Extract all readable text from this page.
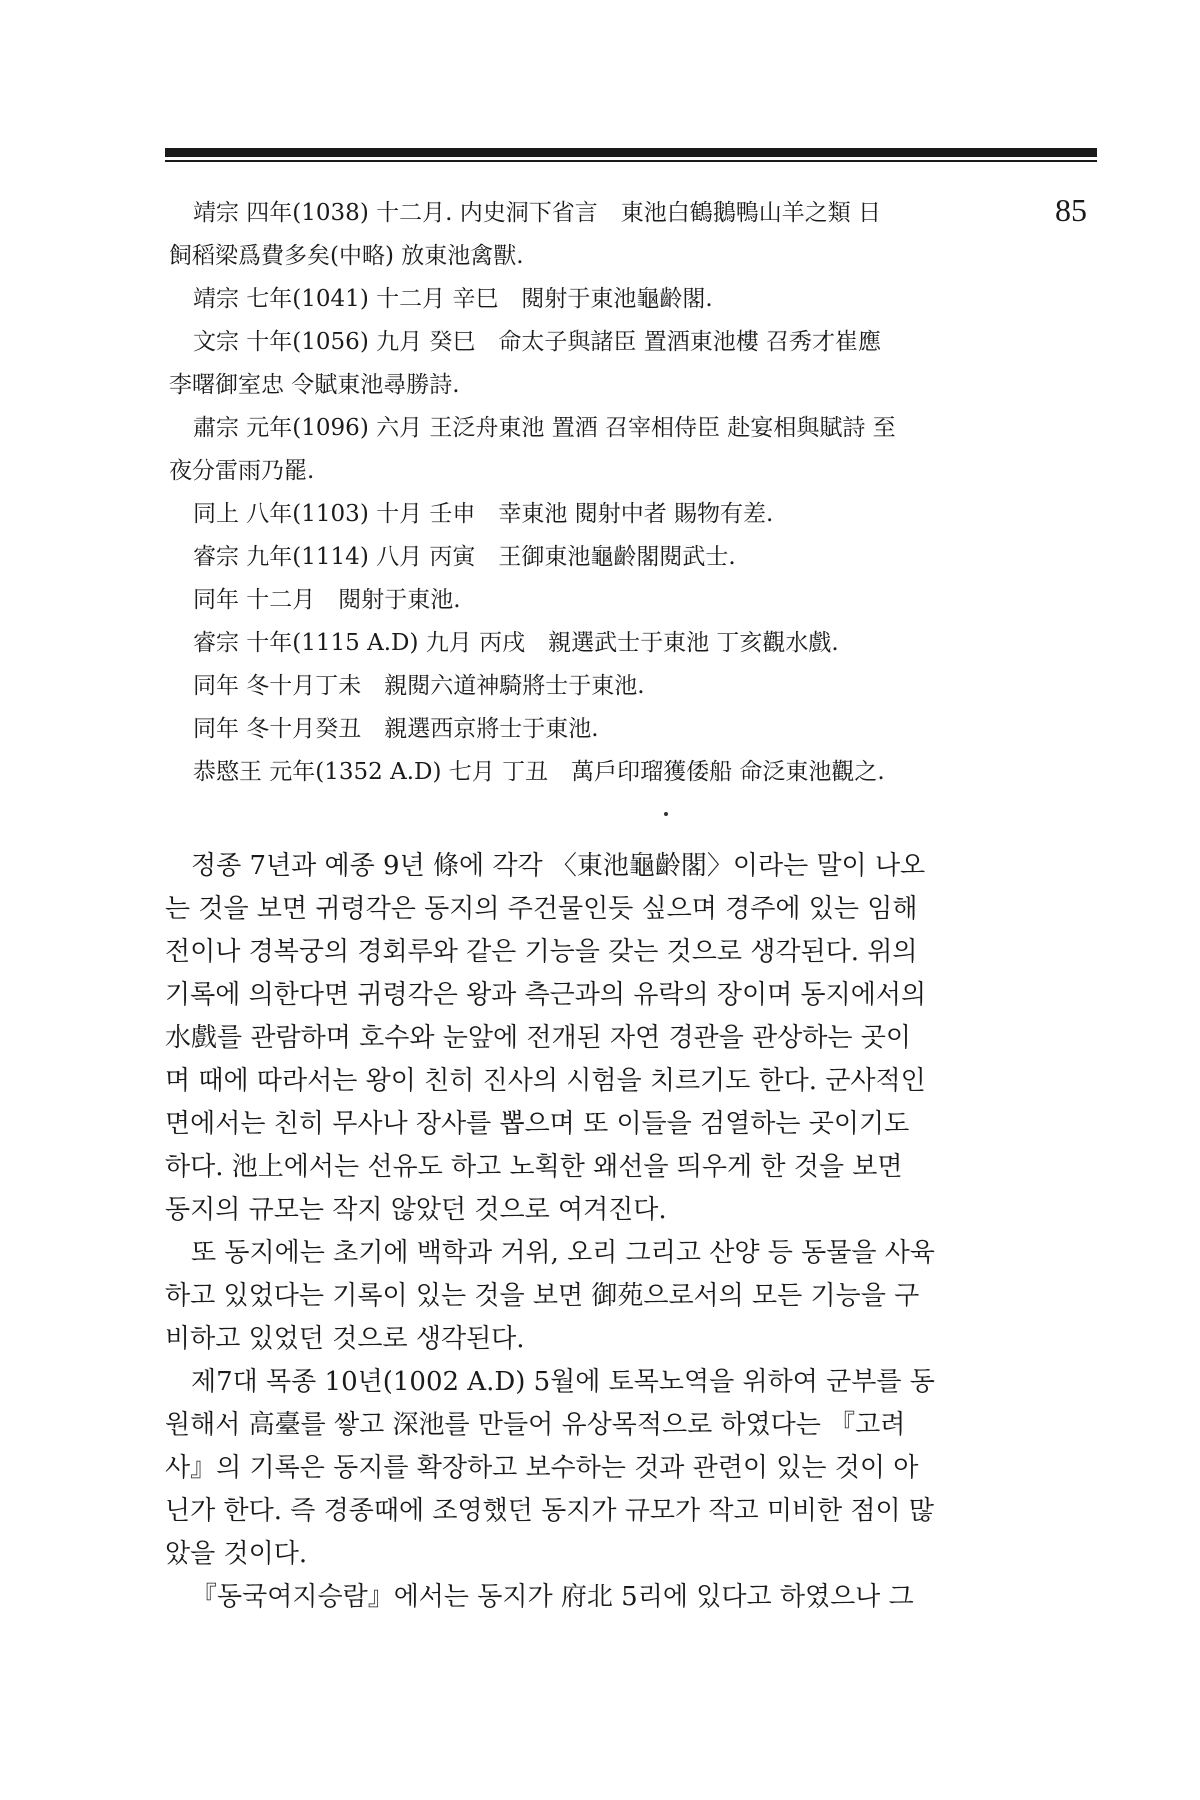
85
靖宗 四年(1038) 十二月. 内史洞下省言　東池白鶴鵝鴨山羊之類 日
飼稻梁爲費多矣(中略) 放東池禽獸.
靖宗 七年(1041) 十二月 辛巳　閱射于東池龜齡閣.
文宗 十年(1056) 九月 癸巳　命太子與諸臣 置酒東池樓 召秀才崔應
李曙御室忠 令賦東池尋勝詩.
肅宗 元年(1096) 六月 王泛舟東池 置酒 召宰相侍臣 赴宴相與賦詩 至
夜分雷雨乃罷.
同上 八年(1103) 十月 壬申　幸東池 閱射中者 賜物有差.
睿宗 九年(1114) 八月 丙寅　王御東池龜齡閣閱武士.
同年 十二月　閱射于東池.
睿宗 十年(1115 A.D) 九月 丙戌　親選武士于東池 丁亥觀水戲.
同年 冬十月丁未　親閱六道神騎將士于東池.
同年 冬十月癸丑　親選西京將士于東池.
恭愍王 元年(1352 A.D) 七月 丁丑　萬戶印瑠獲倭船 命泛東池觀之.

정종 7년과 예종 9년 條에 각각 〈東池龜齡閣〉이라는 말이 나오는 것을 보면 귀령각은 동지의 주건물인듯 싶으며 경주에 있는 임해전이나 경복궁의 경회루와 같은 기능을 갖는 것으로 생각된다. 위의 기록에 의한다면 귀령각은 왕과 측근과의 유락의 장이며 동지에서의 水戲를 관람하며 호수와 눈앞에 전개된 자연 경관을 관상하는 곳이며 때에 따라서는 왕이 친히 진사의 시험을 치르기도 한다. 군사적인 면에서는 친히 무사나 장사를 뽑으며 또 이들을 검열하는 곳이기도 하다. 池上에서는 선유도 하고 노획한 왜선을 띄우게 한 것을 보면 동지의 규모는 작지 않았던 것으로 여겨진다.

또 동지에는 초기에 백학과 거위, 오리 그리고 산양 등 동물을 사육하고 있었다는 기록이 있는 것을 보면 御苑으로서의 모든 기능을 구비하고 있었던 것으로 생각된다.

제7대 목종 10년(1002 A.D) 5월에 토목노역을 위하여 군부를 동원해서 高臺를 쌓고 深池를 만들어 유상목적으로 하였다는 『고려사』의 기록은 동지를 확장하고 보수하는 것과 관련이 있는 것이 아닌가 한다. 즉 경종때에 조영했던 동지가 규모가 작고 미비한 점이 많았을 것이다.

『동국여지승람』에서는 동지가 府北 5리에 있다고 하였으나 그
